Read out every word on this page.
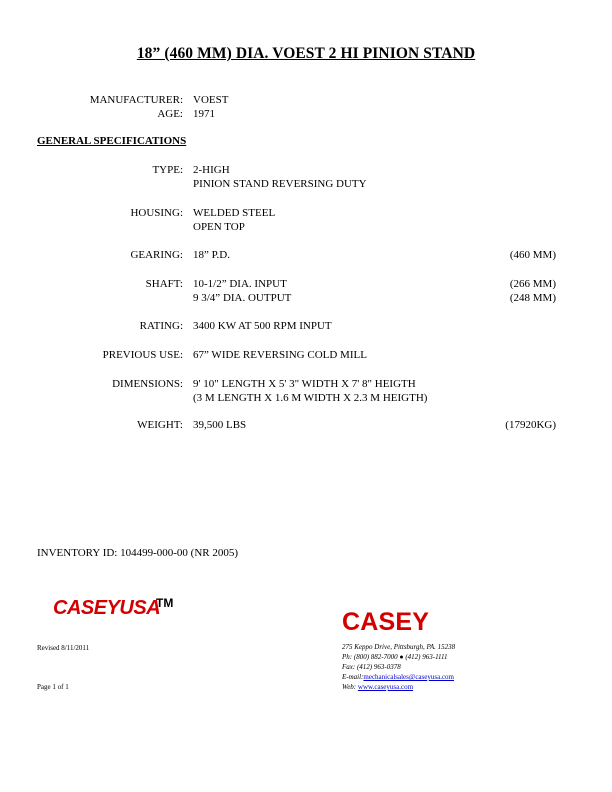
18” (460 MM) DIA. VOEST 2 HI PINION STAND
MANUFACTURER: VOEST
AGE: 1971
GENERAL SPECIFICATIONS
TYPE: 2-HIGH
PINION STAND REVERSING DUTY
HOUSING: WELDED STEEL
OPEN TOP
GEARING: 18” P.D.	(460 MM)
SHAFT: 10-1/2” DIA. INPUT	(266 MM)
9 3/4” DIA. OUTPUT	(248 MM)
RATING: 3400 KW AT 500 RPM INPUT
PREVIOUS USE: 67” WIDE REVERSING COLD MILL
DIMENSIONS: 9' 10" LENGTH X 5' 3" WIDTH X 7' 8" HEIGTH
(3 M LENGTH X 1.6 M WIDTH X 2.3 M HEIGTH)
WEIGHT: 39,500 LBS	(17920KG)
INVENTORY ID: 104499-000-00 (NR 2005)
CASEYUSA
TM
Revised 8/11/2011
Page 1 of 1
CASEY
275 Keppo Drive, Pittsburgh, PA. 15238
Ph: (800) 882-7000 ● (412) 963-1111
Fax: (412) 963-0378
E-mail:mechanicalsales@caseyusa.com
Web: www.caseyusa.com
